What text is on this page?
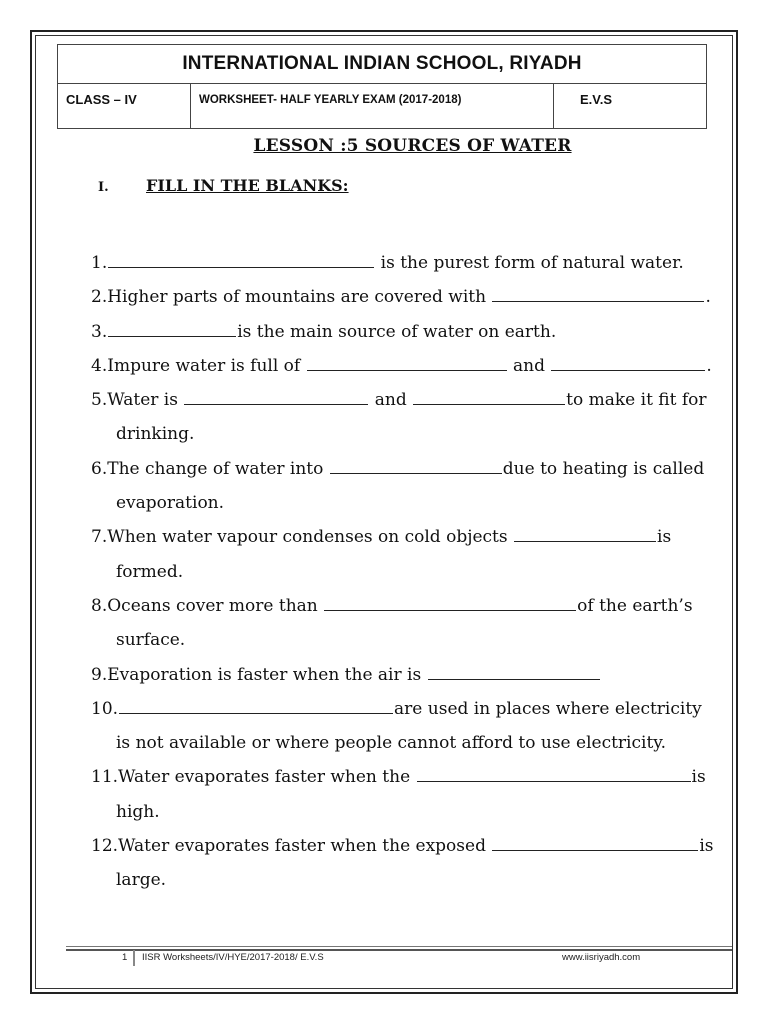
INTERNATIONAL INDIAN SCHOOL, RIYADH
CLASS – IV	WORKSHEET- HALF YEARLY EXAM (2017-2018)	E.V.S
LESSON :5 SOURCES OF WATER
I. FILL IN THE BLANKS:
1.	is the purest form of natural water.
2.Higher parts of mountains are covered with	.
3.	is the main source of water on earth.
4.Impure water is full of	and	.
5.Water is	and	to make it fit for
drinking.
6.The change of water into	due to heating is called
evaporation.
7.When water vapour condenses on cold objects	is
formed.
8.Oceans cover more than	of the earth’s
surface.
9.Evaporation is faster when the air is
10.	are used in places where electricity
is not available or where people cannot afford to use electricity.
11.Water evaporates faster when the	is
high.
12.Water evaporates faster when the exposed	is
large.
1 IISR Worksheets/IV/HYE/2017-2018/ E.V.S	www.iisriyadh.com
